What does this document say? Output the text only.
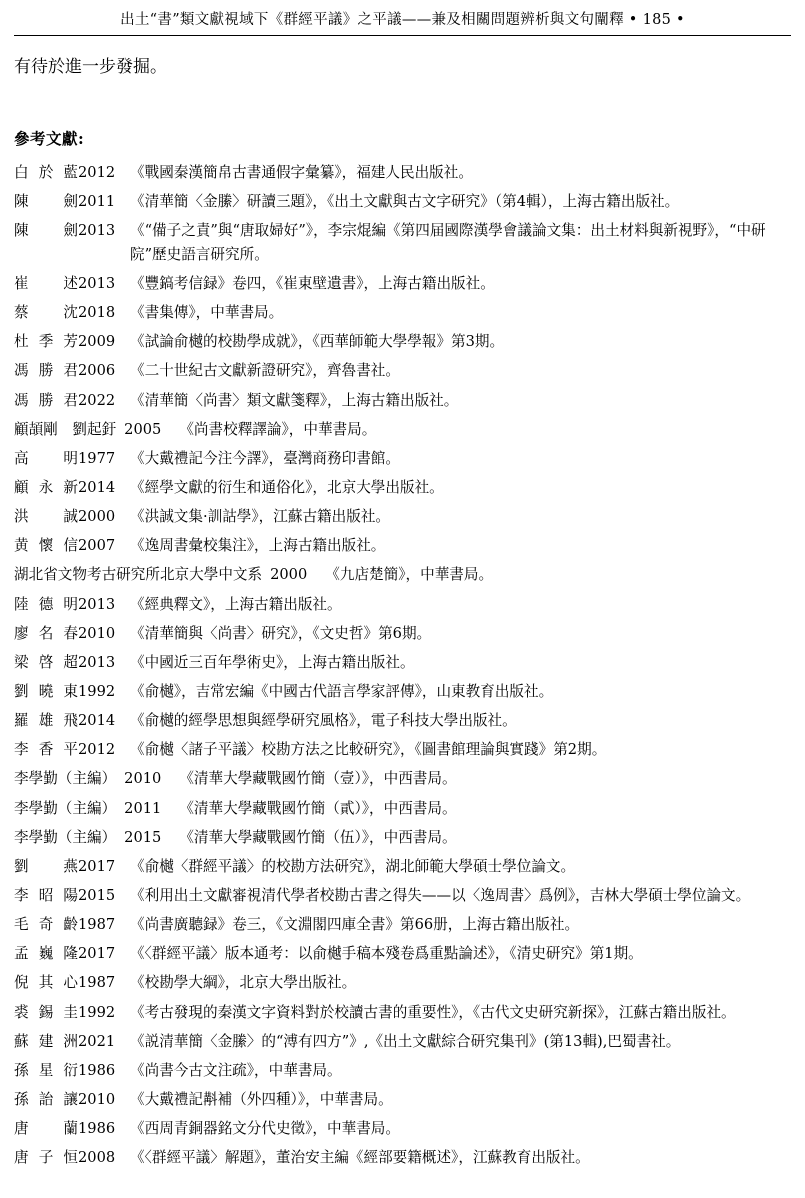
出土“書”類文獻視域下《群經平議》之平議——兼及相關問題辨析與文句闡釋 • 185 •

有待於進一步發掘。

參考文獻:
白於藍 2012	《戰國秦漢簡帛古書通假字彙纂》，福建人民出版社。
陳　劍 2011	《清華簡〈金縢〉研讀三題》，《出土文獻與古文字研究》（第4輯），上海古籍出版社。
陳　劍 2013	《“備子之責”與“唐取婦好”》，李宗焜編《第四届國際漢學會議論文集：出土材料與新視野》，“中研院”歷史語言研究所。
崔　述 2013	《豐鎬考信録》卷四，《崔東壁遺書》，上海古籍出版社。
蔡　沈 2018	《書集傳》，中華書局。
杜季芳 2009	《試論俞樾的校勘學成就》，《西華師範大學學報》第3期。
馮勝君 2006	《二十世紀古文獻新證研究》，齊魯書社。
馮勝君 2022	《清華簡〈尚書〉類文獻箋釋》，上海古籍出版社。
顧頡剛　劉起釪 2005 《尚書校釋譯論》，中華書局。
高　明 1977	《大戴禮記今注今譯》，臺灣商務印書館。
顧永新 2014	《經學文獻的衍生和通俗化》，北京大學出版社。
洪　誠 2000	《洪誠文集·訓詁學》，江蘇古籍出版社。
黄懷信 2007	《逸周書彙校集注》，上海古籍出版社。
湖北省文物考古研究所北京大學中文系 2000 《九店楚簡》，中華書局。
陸德明 2013	《經典釋文》，上海古籍出版社。
廖名春 2010	《清華簡與〈尚書〉研究》，《文史哲》第6期。
梁啓超 2013	《中國近三百年學術史》，上海古籍出版社。
劉曉東 1992	《俞樾》，吉常宏編《中國古代語言學家評傳》，山東教育出版社。
羅雄飛 2014	《俞樾的經學思想與經學研究風格》，電子科技大學出版社。
李香平 2012	《俞樾〈諸子平議〉校勘方法之比較研究》，《圖書館理論與實踐》第2期。
李學勤（主編） 2010 《清華大學藏戰國竹簡（壹）》，中西書局。
李學勤（主編） 2011 《清華大學藏戰國竹簡（貳）》，中西書局。
李學勤（主編） 2015 《清華大學藏戰國竹簡（伍）》，中西書局。
劉　燕 2017	《俞樾〈群經平議〉的校勘方法研究》，湖北師範大學碩士學位論文。
李昭陽 2015	《利用出土文獻審視清代學者校勘古書之得失——以〈逸周書〉爲例》，吉林大學碩士學位論文。
毛奇齡 1987	《尚書廣聽録》卷三，《文淵閣四庫全書》第66册，上海古籍出版社。
孟巍隆 2017	《〈群經平議〉版本通考：以俞樾手稿本殘卷爲重點論述》，《清史研究》第1期。
倪其心 1987	《校勘學大綱》，北京大學出版社。
裘錫圭 1992	《考古發現的秦漢文字資料對於校讀古書的重要性》，《古代文史研究新探》，江蘇古籍出版社。
蘇建洲 2021	《説清華簡〈金縢〉的“溥有四方”》,《出土文獻綜合研究集刊》(第13輯),巴蜀書社。
孫星衍 1986	《尚書今古文注疏》，中華書局。
孫詒讓 2010	《大戴禮記斠補（外四種）》，中華書局。
唐　蘭 1986	《西周青銅器銘文分代史徵》，中華書局。
唐子恒 2008	《〈群經平議〉解題》，董治安主編《經部要籍概述》，江蘇教育出版社。
